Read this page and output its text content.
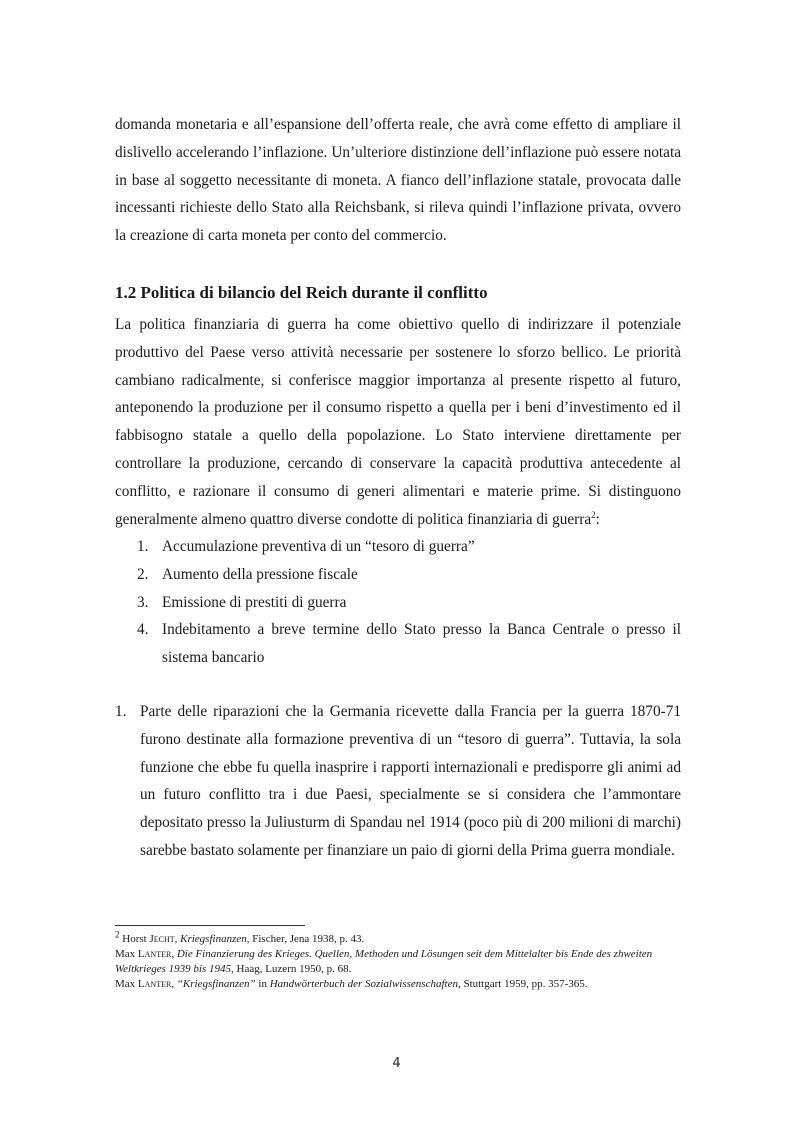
domanda monetaria e all’espansione dell’offerta reale, che avrà come effetto di ampliare il dislivello accelerando l’inflazione. Un’ulteriore distinzione dell’inflazione può essere notata in base al soggetto necessitante di moneta. A fianco dell’inflazione statale, provocata dalle incessanti richieste dello Stato alla Reichsbank, si rileva quindi l’inflazione privata, ovvero la creazione di carta moneta per conto del commercio.

1.2 Politica di bilancio del Reich durante il conflitto

La politica finanziaria di guerra ha come obiettivo quello di indirizzare il potenziale produttivo del Paese verso attività necessarie per sostenere lo sforzo bellico. Le priorità cambiano radicalmente, si conferisce maggior importanza al presente rispetto al futuro, anteponendo la produzione per il consumo rispetto a quella per i beni d’investimento ed il fabbisogno statale a quello della popolazione. Lo Stato interviene direttamente per controllare la produzione, cercando di conservare la capacità produttiva antecedente al conflitto, e razionare il consumo di generi alimentari e materie prime. Si distinguono generalmente almeno quattro diverse condotte di politica finanziaria di guerra$^2$:

1. Accumulazione preventiva di un “tesoro di guerra”
2. Aumento della pressione fiscale
3. Emissione di prestiti di guerra
4. Indebitamento a breve termine dello Stato presso la Banca Centrale o presso il sistema bancario
1. Parte delle riparazioni che la Germania ricevette dalla Francia per la guerra 1870-71 furono destinate alla formazione preventiva di un “tesoro di guerra”. Tuttavia, la sola funzione che ebbe fu quella inasprire i rapporti internazionali e predisporre gli animi ad un futuro conflitto tra i due Paesi, specialmente se si considera che l’ammontare depositato presso la Juliusturm di Spandau nel 1914 (poco più di 200 milioni di marchi) sarebbe bastato solamente per finanziare un paio di giorni della Prima guerra mondiale.

$^2$ Horst Jecht, Kriegsfinanzen, Fischer, Jena 1938, p. 43.

Max Lanter, Die Finanzierung des Krieges. Quellen, Methoden und Lösungen seit dem Mittelalter bis Ende des zhweiten Weltkrieges 1939 bis 1945, Haag, Luzern 1950, p. 68.

Max Lanter, “Kriegsfinanzen” in Handwörterbuch der Sozialwissenschaften, Stuttgart 1959, pp. 357-365.

4
